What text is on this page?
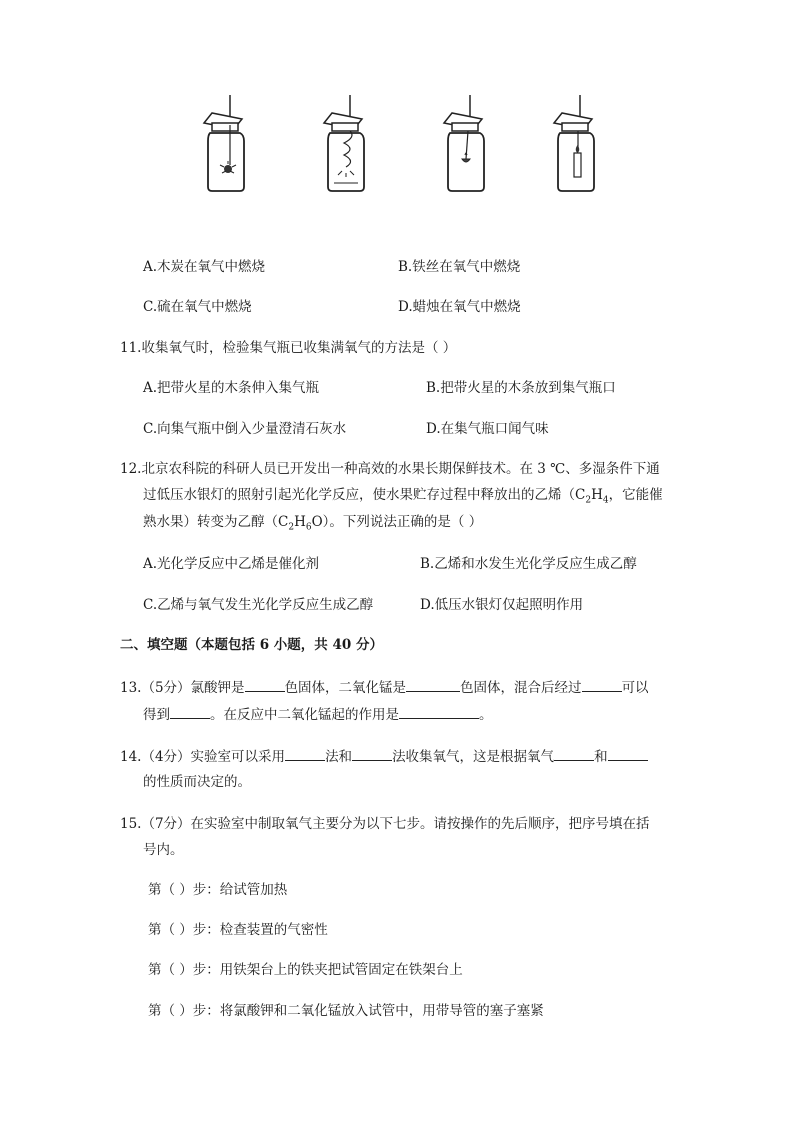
A.木炭在氧气中燃烧	B.铁丝在氧气中燃烧
C.硫在氧气中燃烧	D.蜡烛在氧气中燃烧
11.收集氧气时，检验集气瓶已收集满氧气的方法是（ ）
A.把带火星的木条伸入集气瓶	B.把带火星的木条放到集气瓶口
C.向集气瓶中倒入少量澄清石灰水	D.在集气瓶口闻气味
12.北京农科院的科研人员已开发出一种高效的水果长期保鲜技术。在 3 ℃、多湿条件下通
过低压水银灯的照射引起光化学反应，使水果贮存过程中释放出的乙烯（$C_2H_4$，它能催
熟水果）转变为乙醇$(C_2H_6O)$。下列说法正确的是（ ）
A.光化学反应中乙烯是催化剂	B.乙烯和水发生光化学反应生成乙醇
C.乙烯与氧气发生光化学反应生成乙醇	D.低压水银灯仅起照明作用
二、填空题（本题包括 6 小题，共 40 分）
13.（5分）氯酸钾是	色固体，二氧化锰是	色固体，混合后经过	可以
得到	。在反应中二氧化锰起的作用是	。
14.（4分）实验室可以采用	法和	法收集氧气，这是根据氧气	和
的性质而决定的。
15.（7分）在实验室中制取氧气主要分为以下七步。请按操作的先后顺序，把序号填在括
号内。
第（ ）步：给试管加热
第（ ）步：检查装置的气密性
第（ ）步：用铁架台上的铁夹把试管固定在铁架台上
第（ ）步：将氯酸钾和二氧化锰放入试管中，用带导管的塞子塞紧
